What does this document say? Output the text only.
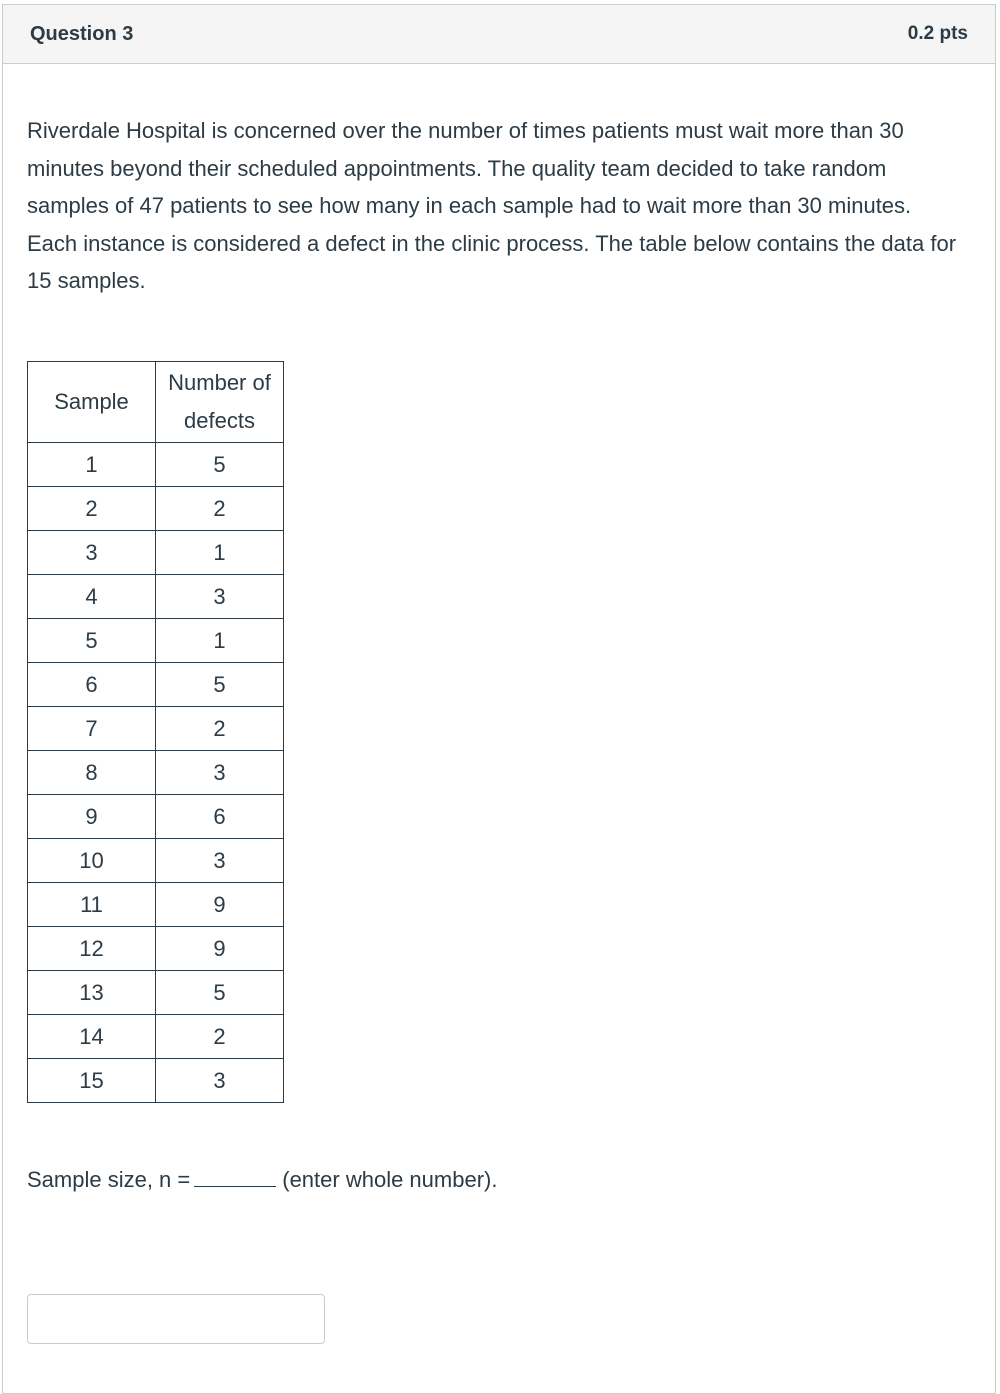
Question 3	0.2 pts

Riverdale Hospital is concerned over the number of times patients must wait more than 30 minutes beyond their scheduled appointments. The quality team decided to take random samples of 47 patients to see how many in each sample had to wait more than 30 minutes. Each instance is considered a defect in the clinic process. The table below contains the data for 15 samples.

Sample	Number of defects
1	5
2	2
3	1
4	3
5	1
6	5
7	2
8	3
9	6
10	3
11	9
12	9
13	5
14	2
15	3

Sample size, n =	(enter whole number).
